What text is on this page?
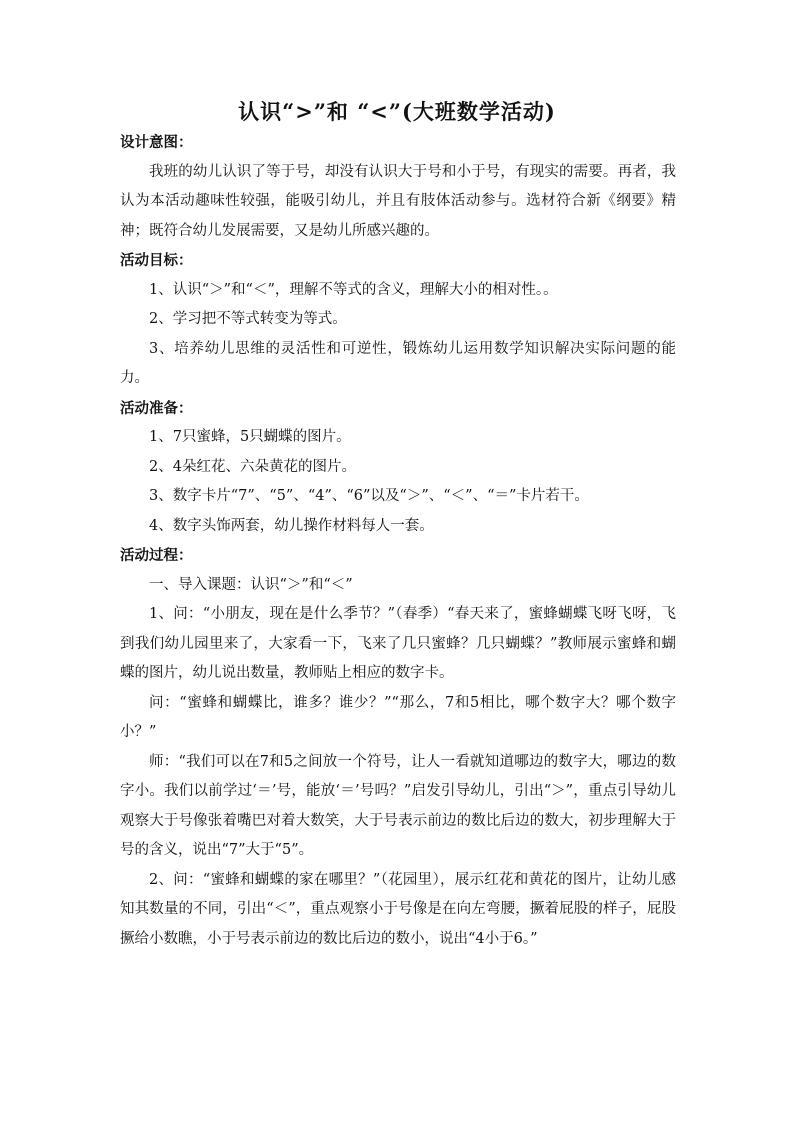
认识“>”和 “<”(大班数学活动)

设计意图：

我班的幼儿认识了等于号，却没有认识大于号和小于号，有现实的需要。再者，我认为本活动趣味性较强，能吸引幼儿，并且有肢体活动参与。选材符合新《纲要》精神；既符合幼儿发展需要，又是幼儿所感兴趣的。

活动目标：

1、认识“＞”和“＜”，理解不等式的含义，理解大小的相对性。。

2、学习把不等式转变为等式。

3、培养幼儿思维的灵活性和可逆性，锻炼幼儿运用数学知识解决实际问题的能力。

活动准备：

1、7只蜜蜂，5只蝴蝶的图片。

2、4朵红花、六朵黄花的图片。

3、数字卡片“7”、“5”、“4”、“6”以及“＞”、“＜”、“＝”卡片若干。

4、数字头饰两套，幼儿操作材料每人一套。

活动过程：

一、导入课题：认识“＞”和“＜”

1、问：“小朋友，现在是什么季节？”（春季）“春天来了，蜜蜂蝴蝶飞呀飞呀，飞到我们幼儿园里来了，大家看一下，飞来了几只蜜蜂？几只蝴蝶？”教师展示蜜蜂和蝴蝶的图片，幼儿说出数量，教师贴上相应的数字卡。

问：“蜜蜂和蝴蝶比，谁多？谁少？”“那么，7和5相比，哪个数字大？哪个数字小？”

师：“我们可以在7和5之间放一个符号，让人一看就知道哪边的数字大，哪边的数字小。我们以前学过‘＝’号，能放‘＝’号吗？”启发引导幼儿，引出“＞”，重点引导幼儿观察大于号像张着嘴巴对着大数笑，大于号表示前边的数比后边的数大，初步理解大于号的含义，说出“7”大于“5”。

2、问：“蜜蜂和蝴蝶的家在哪里？”（花园里），展示红花和黄花的图片，让幼儿感知其数量的不同，引出“＜”，重点观察小于号像是在向左弯腰，撅着屁股的样子，屁股撅给小数瞧，小于号表示前边的数比后边的数小，说出“4小于6。”
